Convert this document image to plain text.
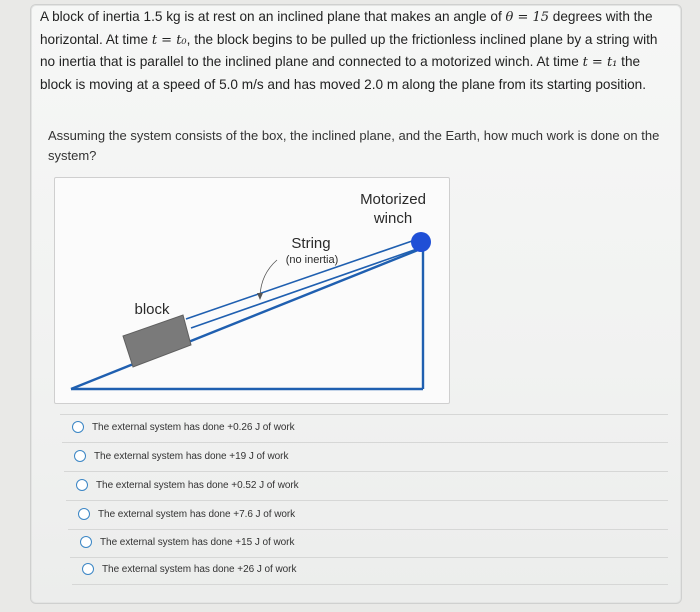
A block of inertia 1.5 kg is at rest on an inclined plane that makes an angle of θ = 15 degrees with the horizontal. At time t = t₀, the block begins to be pulled up the frictionless inclined plane by a string with no inertia that is parallel to the inclined plane and connected to a motorized winch. At time t = t₁ the block is moving at a speed of 5.0 m/s and has moved 2.0 m along the plane from its starting position.

Assuming the system consists of the box, the inclined plane, and the Earth, how much work is done on the system?

Motorized
winch
String
(no inertia)
block
The external system has done +0.26 J of work
The external system has done +19 J of work
The external system has done +0.52 J of work
The external system has done +7.6 J of work
The external system has done +15 J of work
The external system has done +26 J of work
